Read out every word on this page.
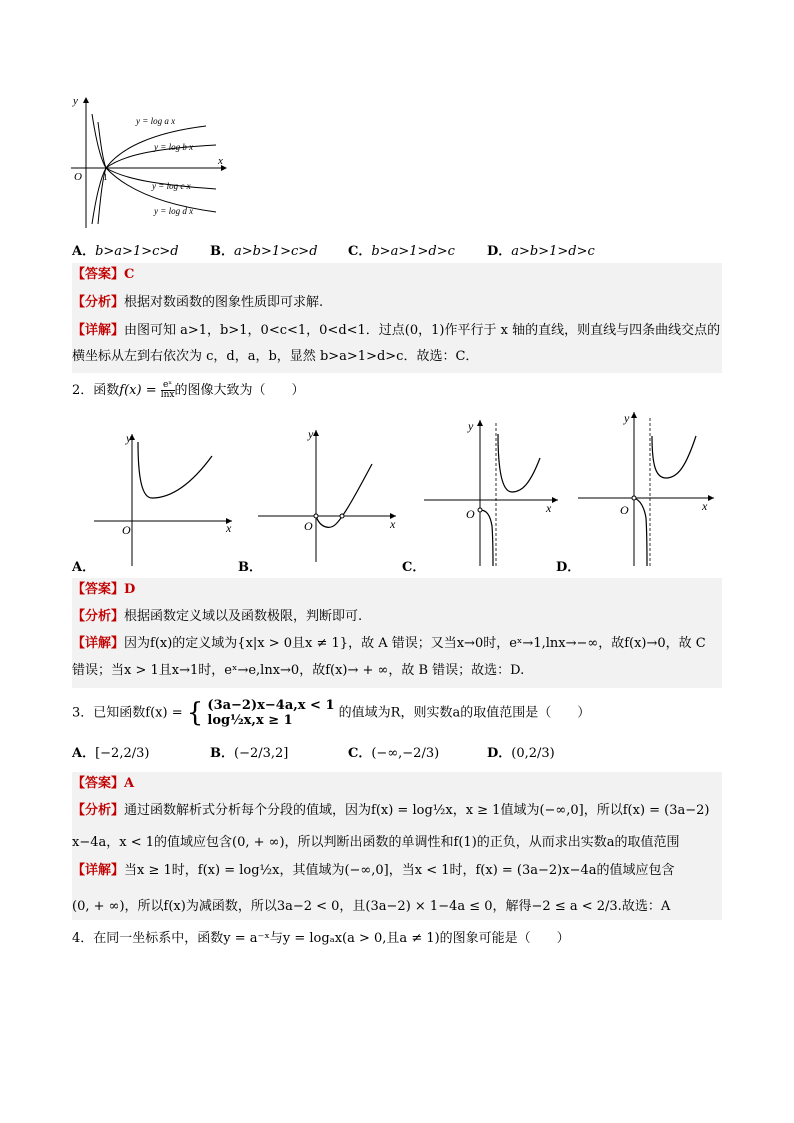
y
x
O 1
y = log a x
y = log b x
y = log c x
y = log d x
A．b>a>1>c>d B．a>b>1>c>d C．b>a>1>d>c D．a>b>1>d>c
【答案】C
【分析】根据对数函数的图象性质即可求解.
【详解】由图可知 a>1，b>1，0<c<1，0<d<1．过点(0，1)作平行于 x 轴的直线，则直线与四条曲线交点的
横坐标从左到右依次为 c，d，a，b，显然 b>a>1>d>c．故选：C．
2．函数$f(x) = \frac{\text{eˣ}}{\ln x}$ 的图像大致为（　　）
y
x
O
A．
y
x
O
B．
y
x
O
C．
y
x
O
D．
【答案】D
【分析】根据函数定义域以及函数极限，判断即可.
【详解】因为f(x)的定义域为{x|x > 0且x ≠ 1}，故 A 错误；又当x→0时，eˣ→1,lnx→−∞，故f(x)→0，故 C
错误；当x > 1且x→1时，eˣ→e,lnx→0，故f(x)→ + ∞，故 B 错误；故选：D.
3．已知函数f(x) = { (3a−2)x−4a,x < 1
log½x,x ≥ 1	的值域为R，则实数a的取值范围是（　　）
A．[−2,2/3)	B．(−2/3,2]	C．(−∞,−2/3)	D．(0,2/3)
【答案】A
【分析】通过函数解析式分析每个分段的值域，因为f(x) = log½x，x ≥ 1值域为(−∞,0]，所以f(x) = (3a−2)
x−4a，x < 1的值域应包含(0, + ∞)，所以判断出函数的单调性和f(1)的正负，从而求出实数a的取值范围
【详解】当x ≥ 1时，f(x) = log½x，其值域为(−∞,0]，当x < 1时，f(x) = (3a−2)x−4a的值域应包含
(0, + ∞)，所以f(x)为减函数，所以3a−2 < 0，且(3a−2) × 1−4a ≤ 0，解得−2 ≤ a < 2/3.故选：A
4．在同一坐标系中，函数y = a⁻ˣ与y = logₐx(a > 0,且a ≠ 1)的图象可能是（　　）
